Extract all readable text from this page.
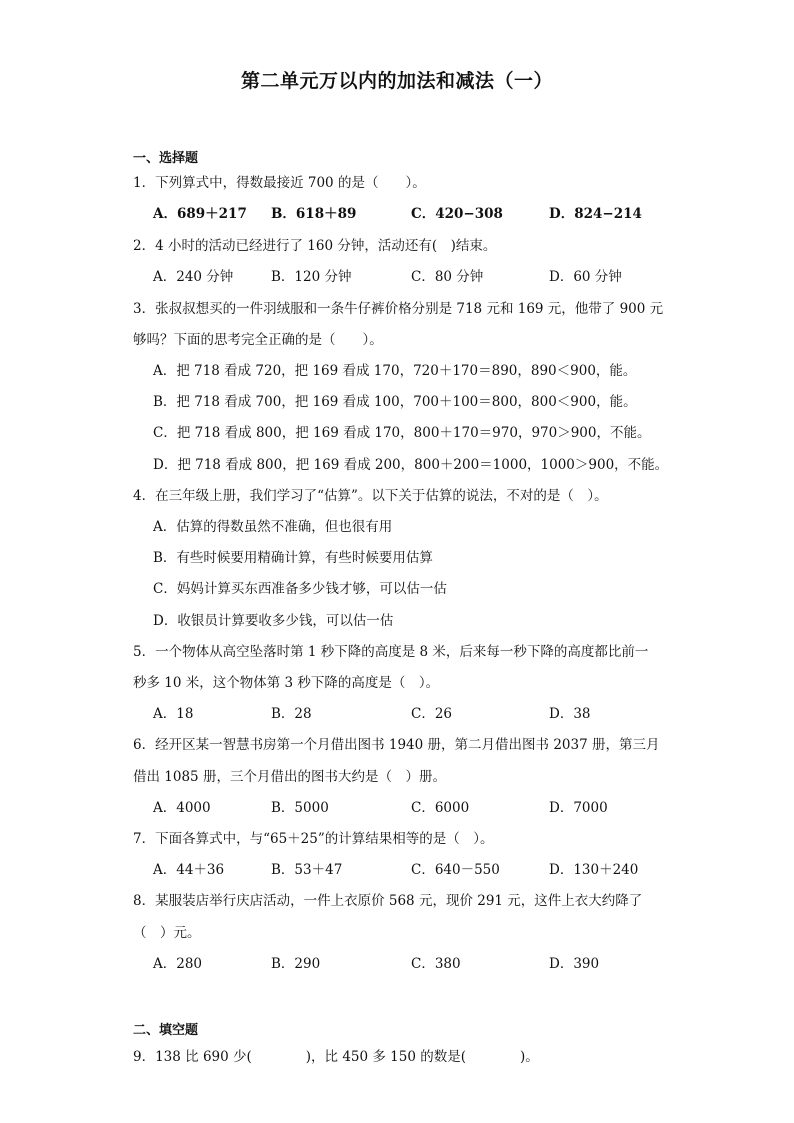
第二单元万以内的加法和减法（一）
一、选择题
1．下列算式中，得数最接近 700 的是（　　）。
A．689＋217 B．618＋89	C．420−308	D．824−214
2．4 小时的活动已经进行了 160 分钟，活动还有(　)结束。
A．240 分钟	B．120 分钟	C．80 分钟	D．60 分钟
3．张叔叔想买的一件羽绒服和一条牛仔裤价格分别是 718 元和 169 元，他带了 900 元
够吗？下面的思考完全正确的是（　　）。
A．把 718 看成 720，把 169 看成 170，720＋170＝890，890＜900，能。
B．把 718 看成 700，把 169 看成 100，700＋100＝800，800＜900，能。
C．把 718 看成 800，把 169 看成 170，800＋170＝970，970＞900，不能。
D．把 718 看成 800，把 169 看成 200，800＋200＝1000，1000＞900，不能。
4．在三年级上册，我们学习了“估算”。以下关于估算的说法，不对的是（　）。
A．估算的得数虽然不准确，但也很有用
B．有些时候要用精确计算，有些时候要用估算
C．妈妈计算买东西准备多少钱才够，可以估一估
D．收银员计算要收多少钱，可以估一估
5．一个物体从高空坠落时第 1 秒下降的高度是 8 米，后来每一秒下降的高度都比前一
秒多 10 米，这个物体第 3 秒下降的高度是（　）。
A．18	B．28	C．26	D．38
6．经开区某一智慧书房第一个月借出图书 1940 册，第二月借出图书 2037 册，第三月
借出 1085 册，三个月借出的图书大约是（　）册。
A．4000	B．5000	C．6000	D．7000
7．下面各算式中，与“65＋25”的计算结果相等的是（　）。
A．44＋36	B．53＋47	C．640－550	D．130＋240
8．某服装店举行庆店活动，一件上衣原价 568 元，现价 291 元，这件上衣大约降了
（　）元。
A．280	B．290	C．380	D．390
二、填空题
9．138 比 690 少(　　　　)，比 450 多 150 的数是(　　　　)。
